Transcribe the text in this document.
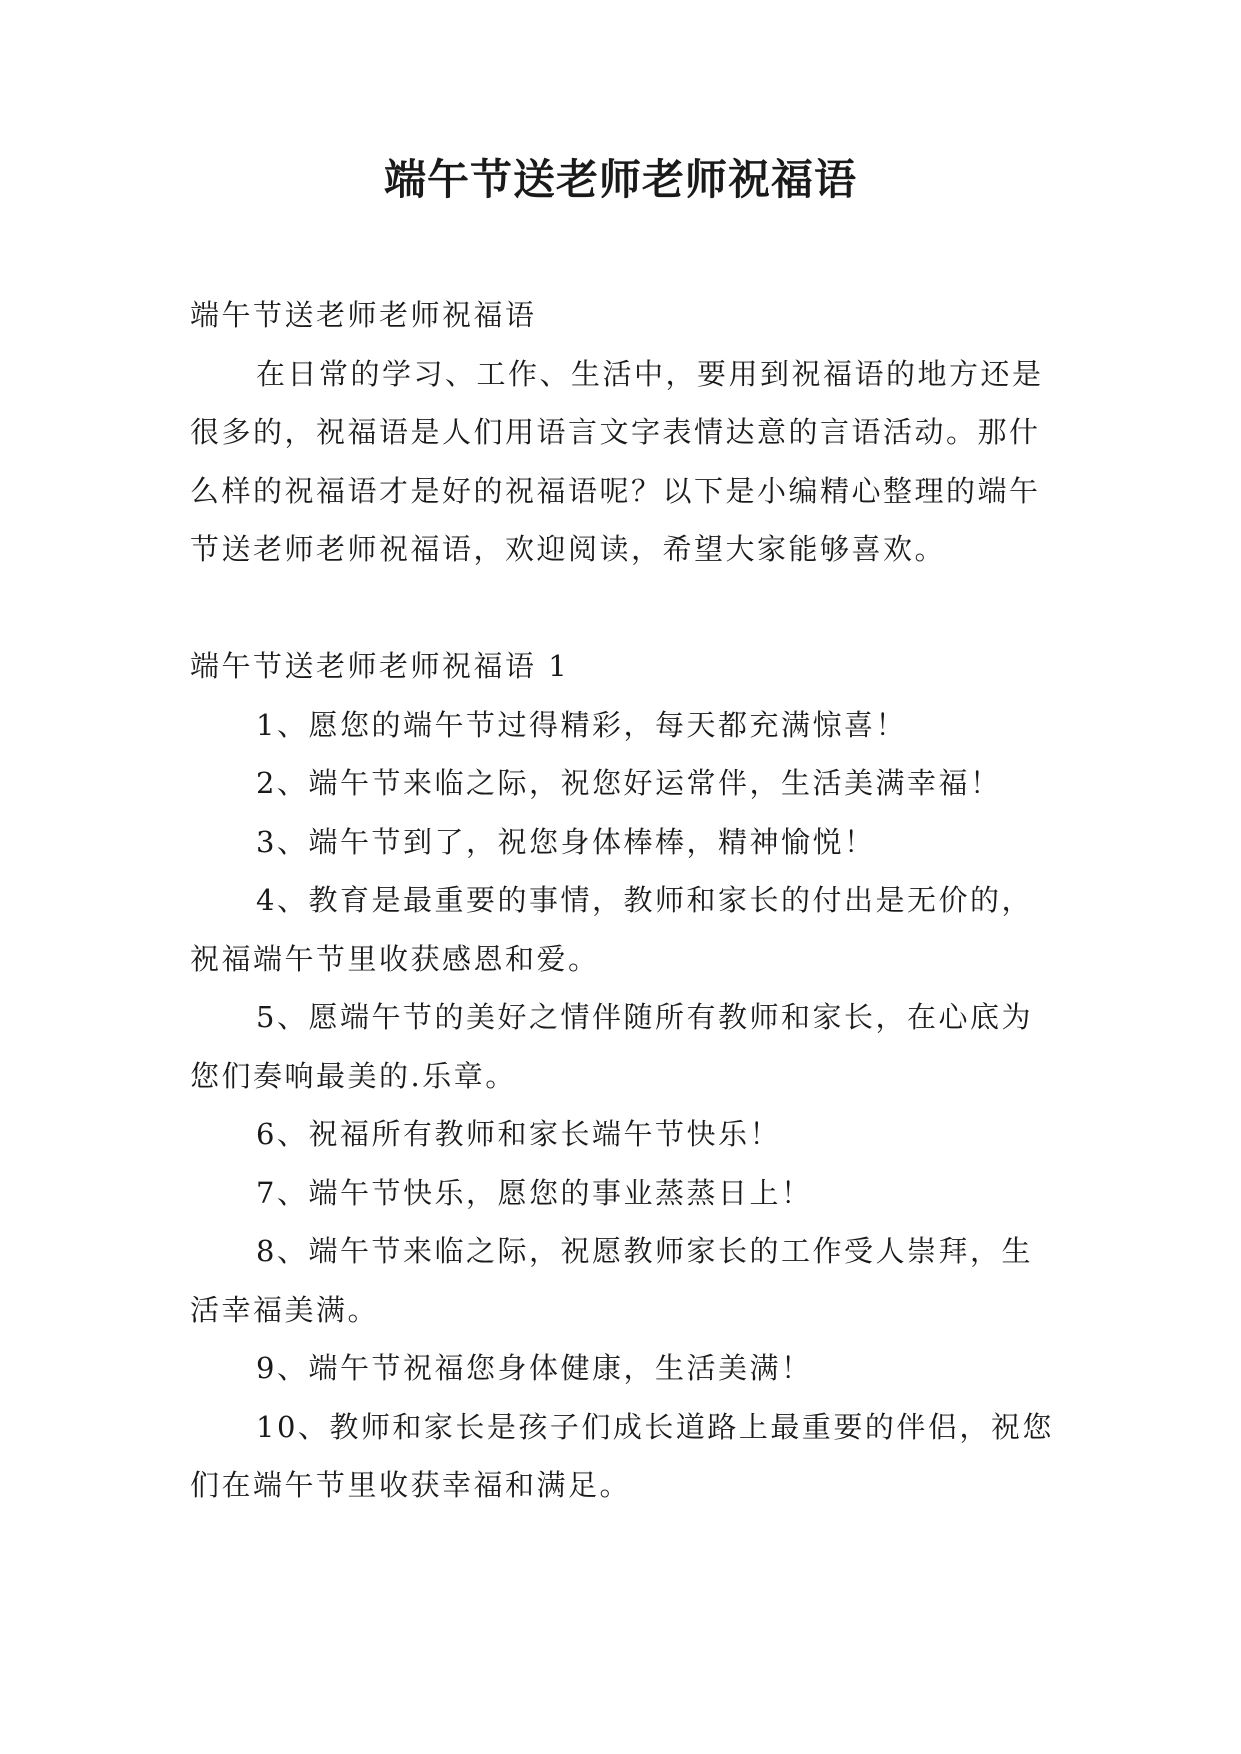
端午节送老师老师祝福语

端午节送老师老师祝福语

在日常的学习、工作、生活中，要用到祝福语的地方还是很多的，祝福语是人们用语言文字表情达意的言语活动。那什么样的祝福语才是好的祝福语呢？以下是小编精心整理的端午节送老师老师祝福语，欢迎阅读，希望大家能够喜欢。

端午节送老师老师祝福语 1

1、愿您的端午节过得精彩，每天都充满惊喜！

2、端午节来临之际，祝您好运常伴，生活美满幸福！

3、端午节到了，祝您身体棒棒，精神愉悦！

4、教育是最重要的事情，教师和家长的付出是无价的，祝福端午节里收获感恩和爱。

5、愿端午节的美好之情伴随所有教师和家长，在心底为您们奏响最美的.乐章。

6、祝福所有教师和家长端午节快乐！

7、端午节快乐，愿您的事业蒸蒸日上！

8、端午节来临之际，祝愿教师家长的工作受人崇拜，生活幸福美满。

9、端午节祝福您身体健康，生活美满！

10、教师和家长是孩子们成长道路上最重要的伴侣，祝您们在端午节里收获幸福和满足。
